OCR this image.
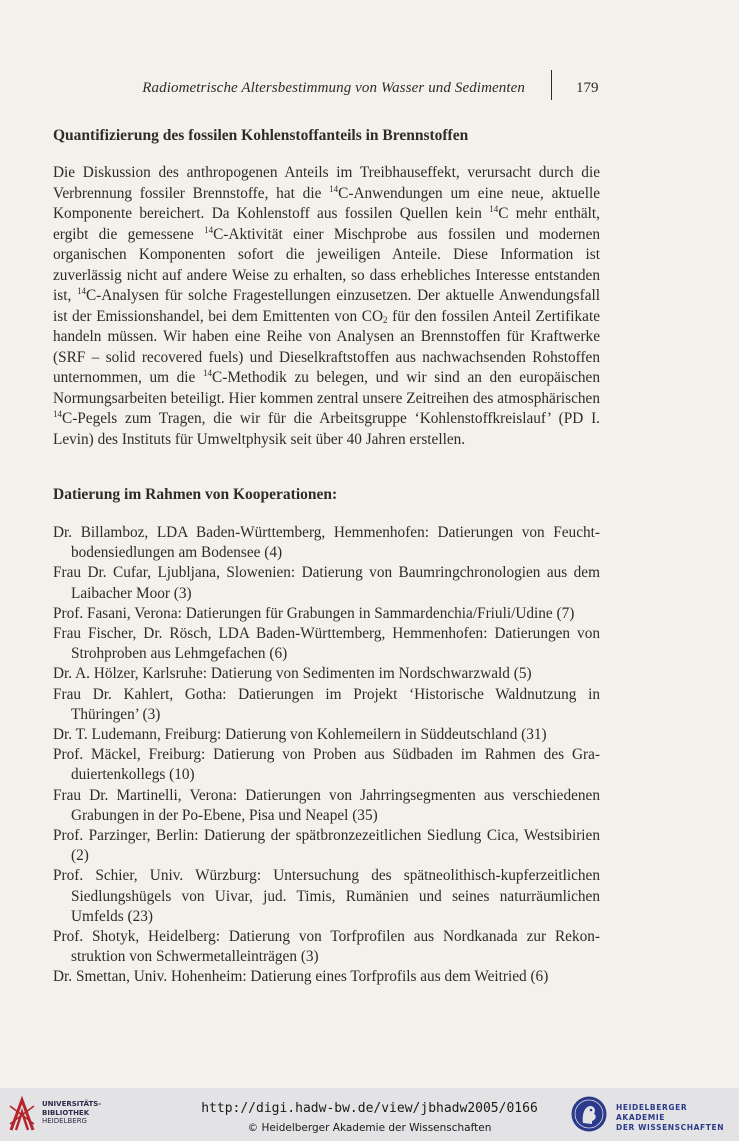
Radiometrische Altersbestimmung von Wasser und Sedimenten	179
Quantifizierung des fossilen Kohlenstoffanteils in Brennstoffen

Die Diskussion des anthropogenen Anteils im Treibhauseffekt, verursacht durch die Verbrennung fossiler Brennstoffe, hat die $^{14}$C-Anwendungen um eine neue, aktuelle Komponente bereichert. Da Kohlenstoff aus fossilen Quellen kein $^{14}$C mehr enthält, ergibt die gemessene $^{14}$C-Aktivität einer Mischprobe aus fossilen und modernen organischen Komponenten sofort die jeweiligen Anteile. Diese Information ist zuverlässig nicht auf andere Weise zu erhalten, so dass erhebliches Interesse entstanden ist, $^{14}$C-Analysen für solche Fragestellungen einzusetzen. Der aktuelle Anwendungsfall ist der Emissionshandel, bei dem Emittenten von $CO_2$ für den fossilen Anteil Zertifikate handeln müssen. Wir haben eine Reihe von Analysen an Brennstoffen für Kraftwerke (SRF – solid recovered fuels) und Dieselkraftstoffen aus nachwachsenden Rohstoffen unternommen, um die $^{14}$C-Methodik zu belegen, und wir sind an den europäischen Normungsarbeiten beteiligt. Hier kommen zentral unsere Zeitreihen des atmosphärischen $^{14}$C-Pegels zum Tragen, die wir für die Arbeitsgruppe ‘Kohlenstoffkreislauf’ (PD I. Levin) des Instituts für Umweltphysik seit über 40 Jahren erstellen.

Datierung im Rahmen von Kooperationen:
Dr. Billamboz, LDA Baden-Württemberg, Hemmenhofen: Datierungen von Feuchtbodensiedlungen am Bodensee (4)
Frau Dr. Cufar, Ljubljana, Slowenien: Datierung von Baumringchronologien aus dem Laibacher Moor (3)
Prof. Fasani, Verona: Datierungen für Grabungen in Sammardenchia/Friuli/Udine (7)
Frau Fischer, Dr. Rösch, LDA Baden-Württemberg, Hemmenhofen: Datierungen von Strohproben aus Lehmgefachen (6)
Dr. A. Hölzer, Karlsruhe: Datierung von Sedimenten im Nordschwarzwald (5)
Frau Dr. Kahlert, Gotha: Datierungen im Projekt ‘Historische Waldnutzung in Thüringen’ (3)
Dr. T. Ludemann, Freiburg: Datierung von Kohlemeilern in Süddeutschland (31)
Prof. Mäckel, Freiburg: Datierung von Proben aus Südbaden im Rahmen des Graduiertenkollegs (10)
Frau Dr. Martinelli, Verona: Datierungen von Jahrringsegmenten aus verschiedenen Grabungen in der Po-Ebene, Pisa und Neapel (35)
Prof. Parzinger, Berlin: Datierung der spätbronzezeitlichen Siedlung Cica, Westsibirien (2)
Prof. Schier, Univ. Würzburg: Untersuchung des spätneolithisch-kupferzeitlichen Siedlungshügels von Uivar, jud. Timis, Rumänien und seines naturräumlichen Umfelds (23)
Prof. Shotyk, Heidelberg: Datierung von Torfprofilen aus Nordkanada zur Rekonstruktion von Schwermetalleinträgen (3)
Dr. Smettan, Univ. Hohenheim: Datierung eines Torfprofils aus dem Weitried (6)
UNIVERSITÄTS-
BIBLIOTHEK
HEIDELBERG
http://digi.hadw-bw.de/view/jbhadw2005/0166
© Heidelberger Akademie der Wissenschaften
HEIDELBERGER AKADEMIE
DER WISSENSCHAFTEN
